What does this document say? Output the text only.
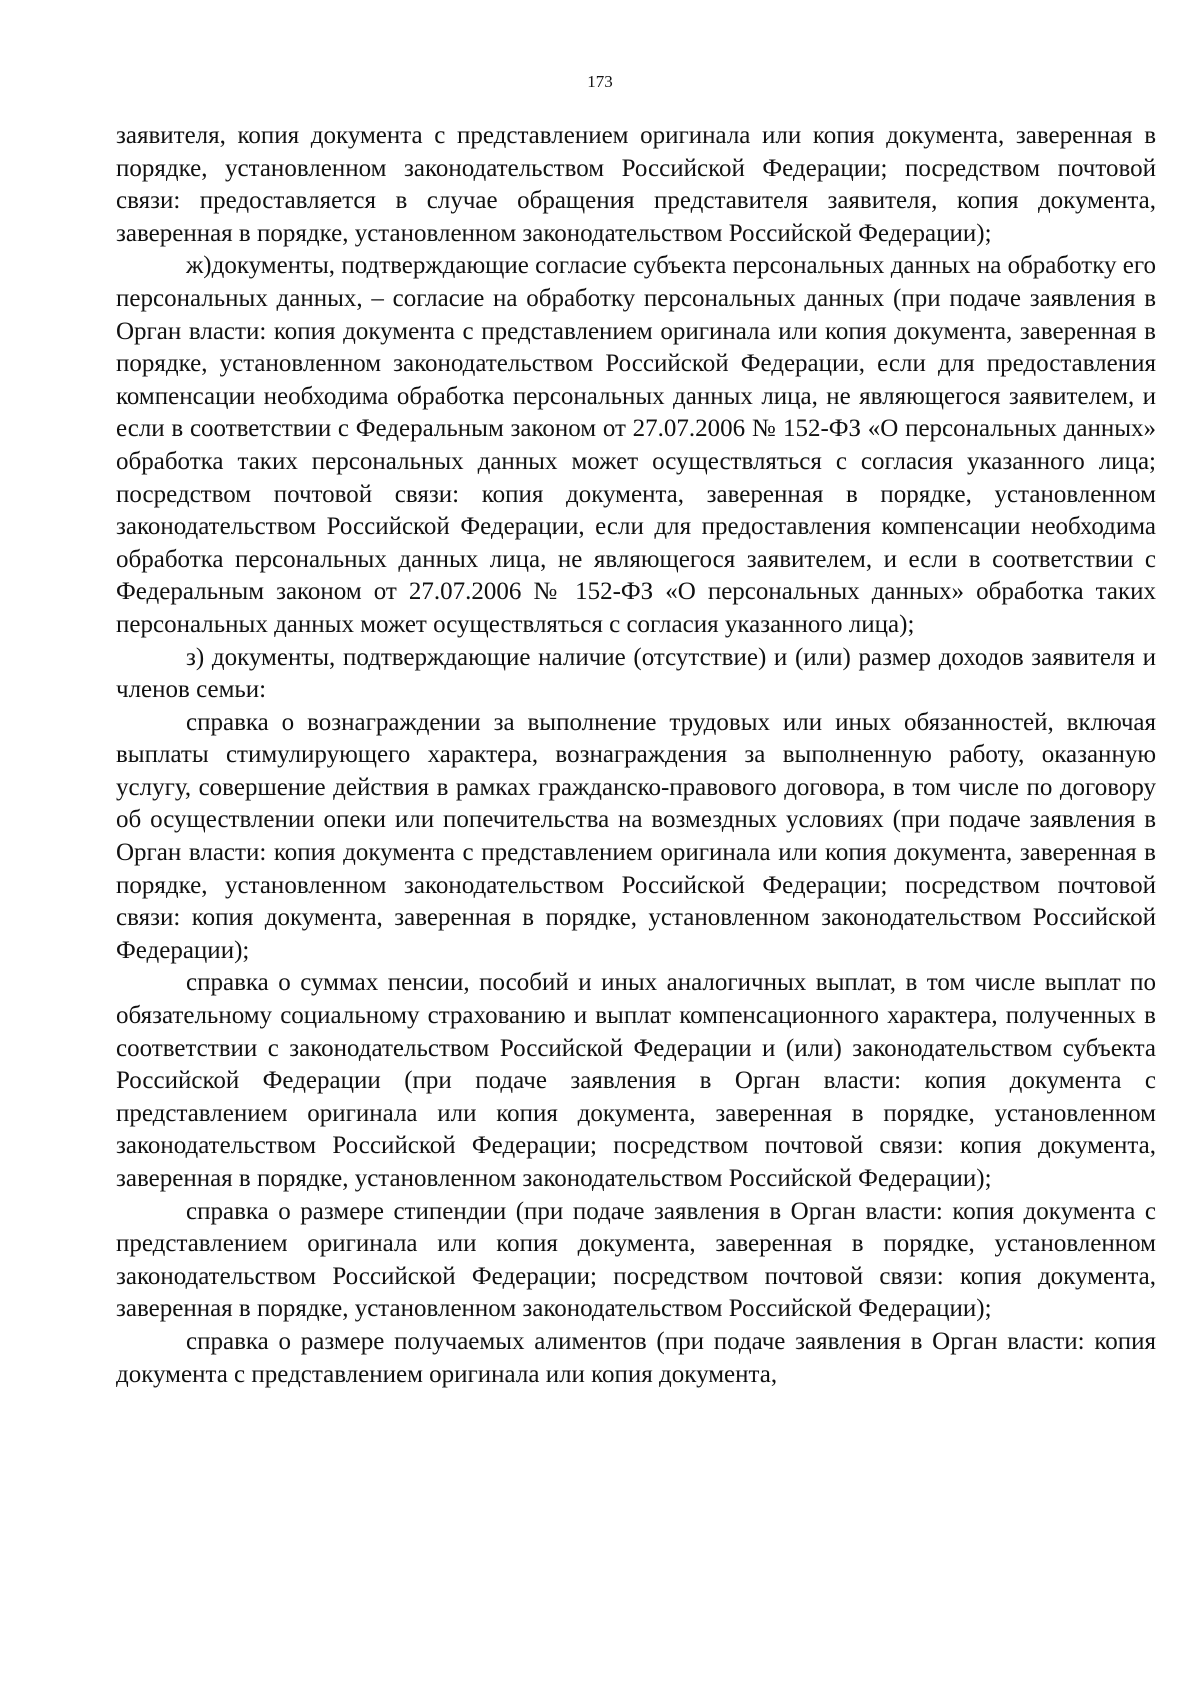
173

заявителя, копия документа с представлением оригинала или копия документа, заверенная в порядке, установленном законодательством Российской Федерации; посредством почтовой связи: предоставляется в случае обращения представителя заявителя, копия документа, заверенная в порядке, установленном законодательством Российской Федерации);

ж)документы, подтверждающие согласие субъекта персональных данных на обработку его персональных данных, – согласие на обработку персональных данных (при подаче заявления в Орган власти: копия документа с представлением оригинала или копия документа, заверенная в порядке, установленном законодательством Российской Федерации, если для предоставления компенсации необходима обработка персональных данных лица, не являющегося заявителем, и если в соответствии с Федеральным законом от 27.07.2006 № 152-ФЗ «О персональных данных» обработка таких персональных данных может осуществляться с согласия указанного лица; посредством почтовой связи: копия документа, заверенная в порядке, установленном законодательством Российской Федерации, если для предоставления компенсации необходима обработка персональных данных лица, не являющегося заявителем, и если в соответствии с Федеральным законом от 27.07.2006 № 152-ФЗ «О персональных данных» обработка таких персональных данных может осуществляться с согласия указанного лица);

з) документы, подтверждающие наличие (отсутствие) и (или) размер доходов заявителя и членов семьи:

справка о вознаграждении за выполнение трудовых или иных обязанностей, включая выплаты стимулирующего характера, вознаграждения за выполненную работу, оказанную услугу, совершение действия в рамках гражданско-правового договора, в том числе по договору об осуществлении опеки или попечительства на возмездных условиях (при подаче заявления в Орган власти: копия документа с представлением оригинала или копия документа, заверенная в порядке, установленном законодательством Российской Федерации; посредством почтовой связи: копия документа, заверенная в порядке, установленном законодательством Российской Федерации);

справка о суммах пенсии, пособий и иных аналогичных выплат, в том числе выплат по обязательному социальному страхованию и выплат компенсационного характера, полученных в соответствии с законодательством Российской Федерации и (или) законодательством субъекта Российской Федерации (при подаче заявления в Орган власти: копия документа с представлением оригинала или копия документа, заверенная в порядке, установленном законодательством Российской Федерации; посредством почтовой связи: копия документа, заверенная в порядке, установленном законодательством Российской Федерации);

справка о размере стипендии (при подаче заявления в Орган власти: копия документа с представлением оригинала или копия документа, заверенная в порядке, установленном законодательством Российской Федерации; посредством почтовой связи: копия документа, заверенная в порядке, установленном законодательством Российской Федерации);

справка о размере получаемых алиментов (при подаче заявления в Орган власти: копия документа с представлением оригинала или копия документа,
